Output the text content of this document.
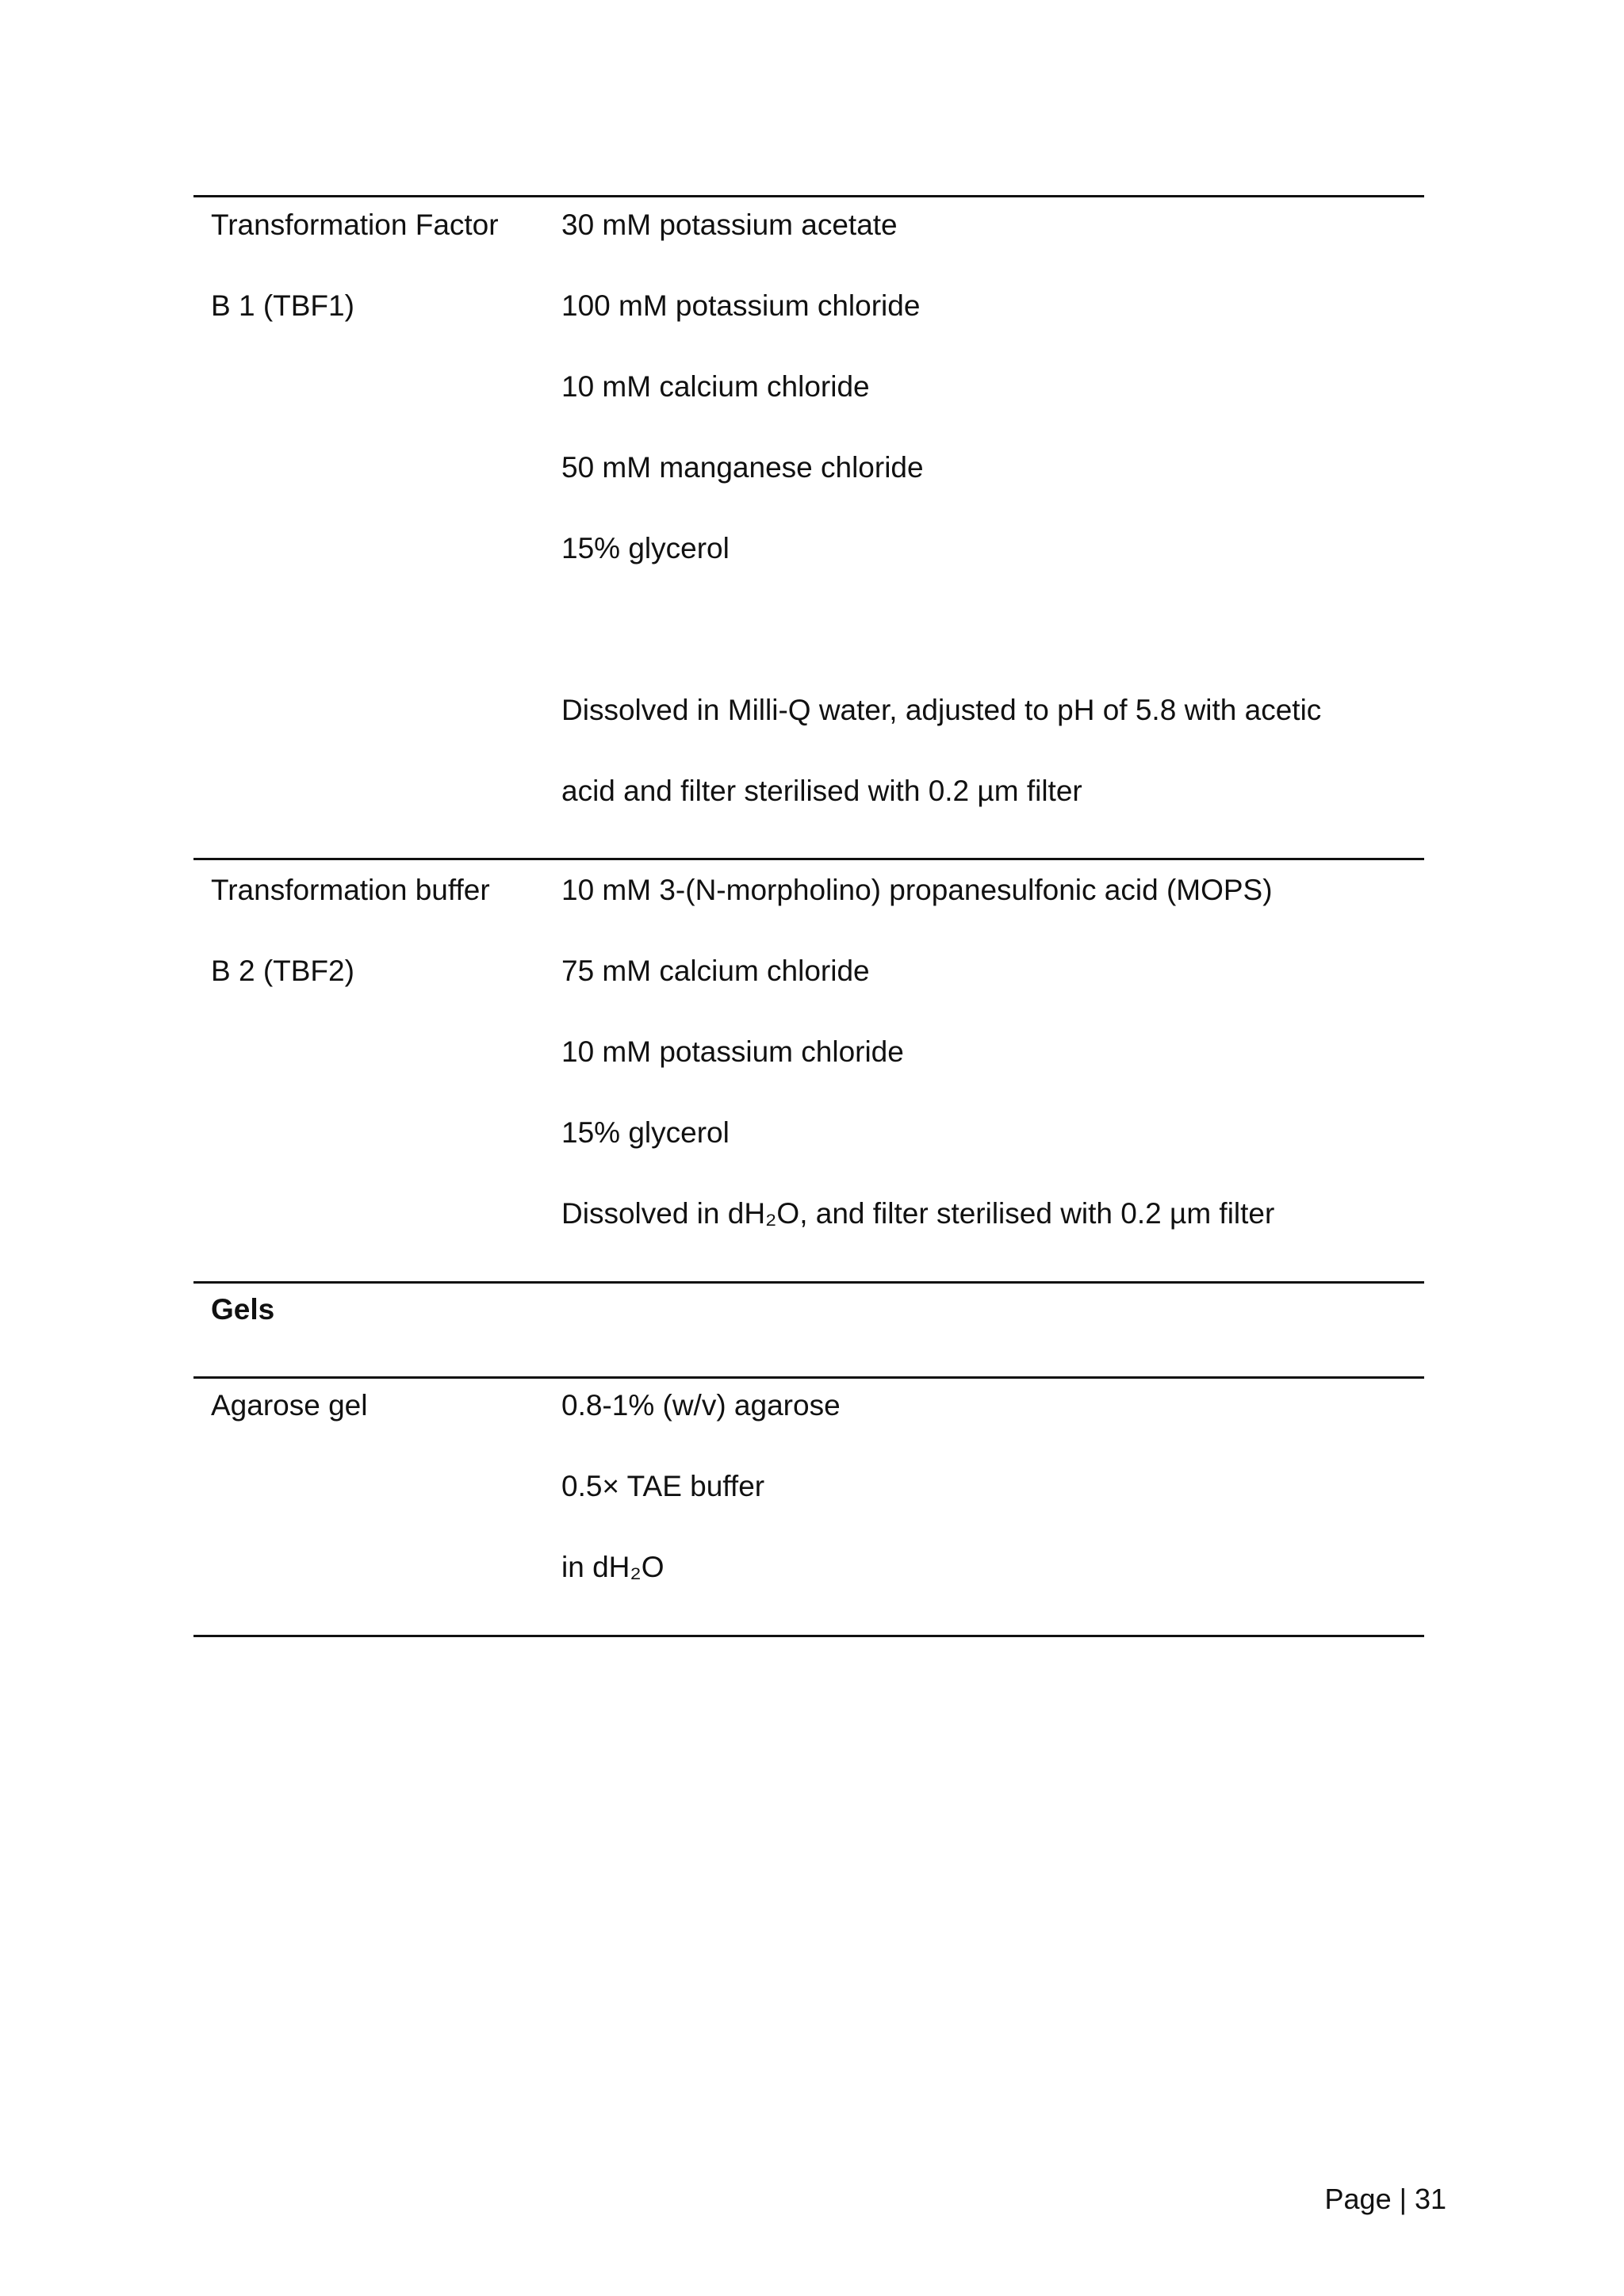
Transformation Factor
B 1 (TBF1)
30 mM potassium acetate
100 mM potassium chloride
10 mM calcium chloride
50 mM manganese chloride
15% glycerol
Dissolved in Milli-Q water, adjusted to pH of 5.8 with acetic
acid and filter sterilised with 0.2 µm filter
Transformation buffer
B 2 (TBF2)
10 mM 3-(N-morpholino) propanesulfonic acid (MOPS)
75 mM calcium chloride
10 mM potassium chloride
15% glycerol
Dissolved in dH₂O, and filter sterilised with 0.2 µm filter
Gels
Agarose gel	0.8-1% (w/v) agarose
0.5× TAE buffer
in dH₂O
Page | 31
